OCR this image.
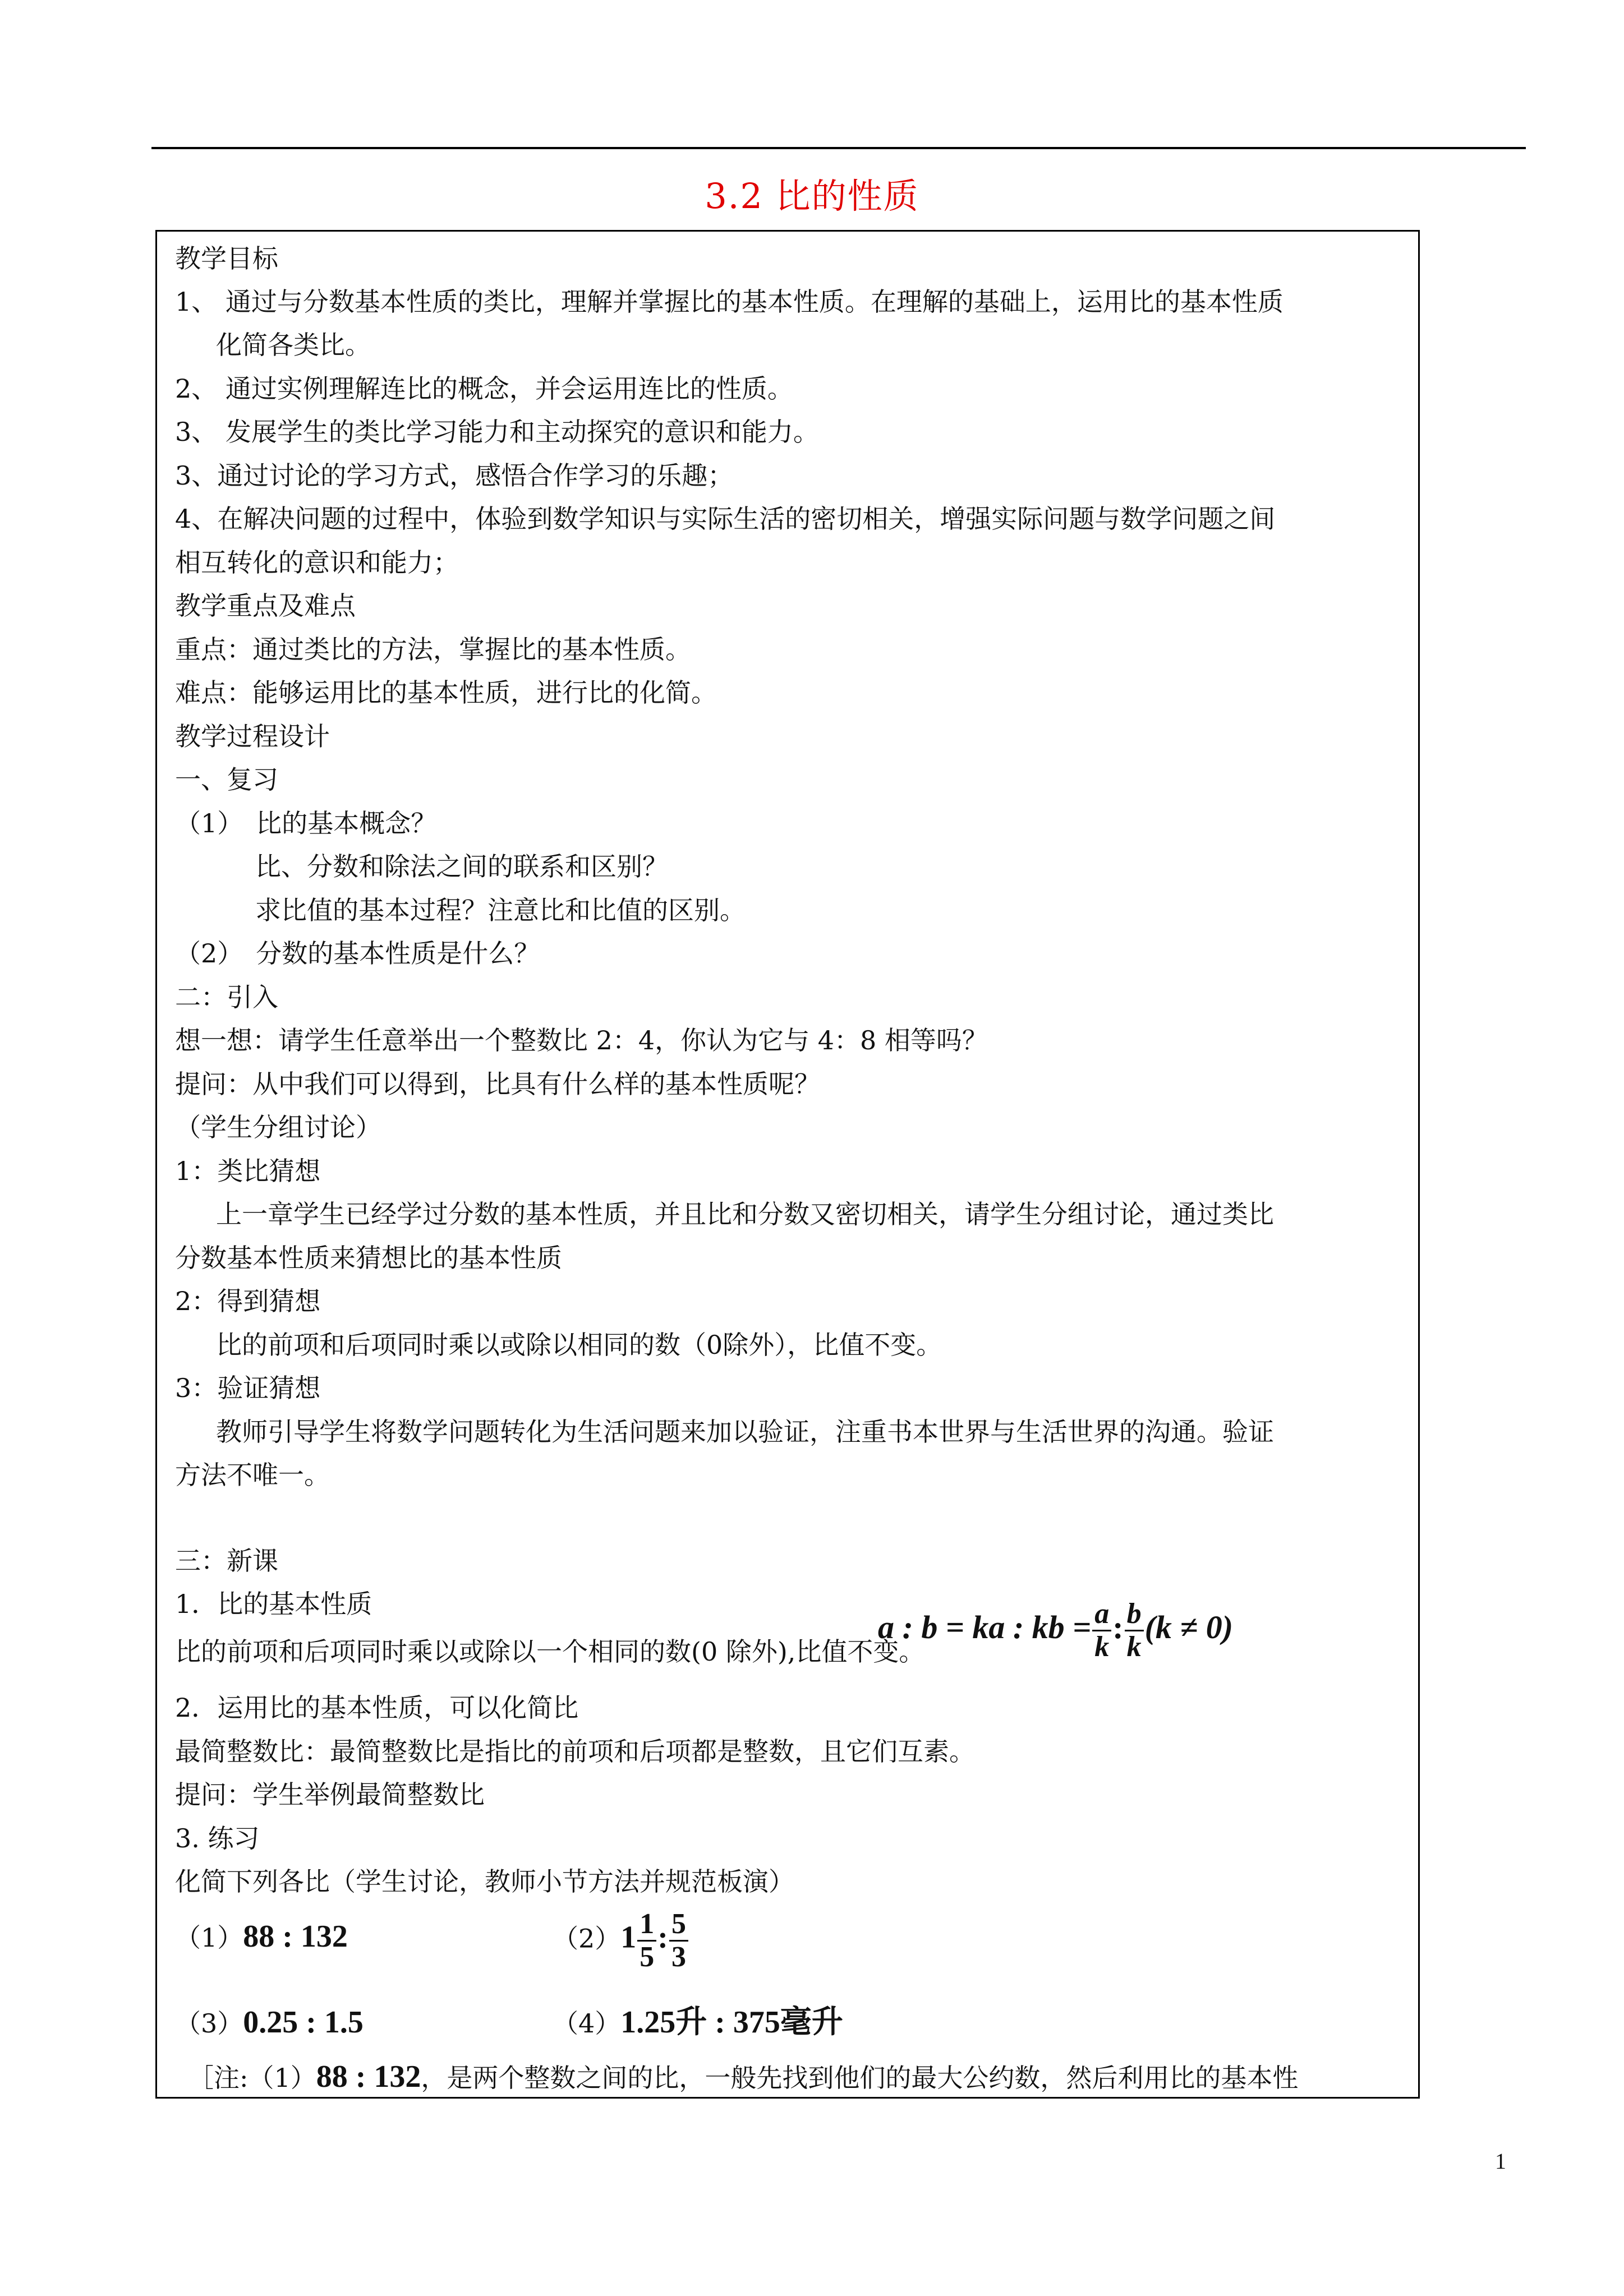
3.2 比的性质
教学目标
1、 通过与分数基本性质的类比，理解并掌握比的基本性质。在理解的基础上，运用比的基本性质
化简各类比。
2、 通过实例理解连比的概念，并会运用连比的性质。
3、 发展学生的类比学习能力和主动探究的意识和能力。
3、通过讨论的学习方式，感悟合作学习的乐趣；
4、在解决问题的过程中，体验到数学知识与实际生活的密切相关，增强实际问题与数学问题之间
相互转化的意识和能力；
教学重点及难点
重点：通过类比的方法，掌握比的基本性质。
难点：能够运用比的基本性质，进行比的化简。
教学过程设计
一、复习
（1）　比的基本概念？
比、分数和除法之间的联系和区别？
求比值的基本过程？注意比和比值的区别。
（2）　分数的基本性质是什么？
二：引入
想一想：请学生任意举出一个整数比 2：4，你认为它与 4：8 相等吗？
提问：从中我们可以得到，比具有什么样的基本性质呢？
（学生分组讨论）
1：类比猜想
上一章学生已经学过分数的基本性质，并且比和分数又密切相关，请学生分组讨论，通过类比
分数基本性质来猜想比的基本性质
2：得到猜想
比的前项和后项同时乘以或除以相同的数（0除外），比值不变。
3：验证猜想
教师引导学生将数学问题转化为生活问题来加以验证，注重书本世界与生活世界的沟通。验证
方法不唯一。
三：新课
1．比的基本性质
比的前项和后项同时乘以或除以一个相同的数(0 除外),比值不变。
2．运用比的基本性质，可以化简比
最简整数比：最简整数比是指比的前项和后项都是整数，且它们互素。
提问：学生举例最简整数比
3. 练习
化简下列各比（学生讨论，教师小节方法并规范板演）
（1）88 : 132	$(2)1 \frac{1}{5}$ : $\frac{5}{3}$
（3）0.25 : 1.5	（4）1.25升 : 375毫升
［注:（1）88 : 132，是两个整数之间的比，一般先找到他们的最大公约数，然后利用比的基本性
a : b = ka : kb = $\frac{a}{k}$ : $\frac{b}{k} (k \ne 0)$
1
